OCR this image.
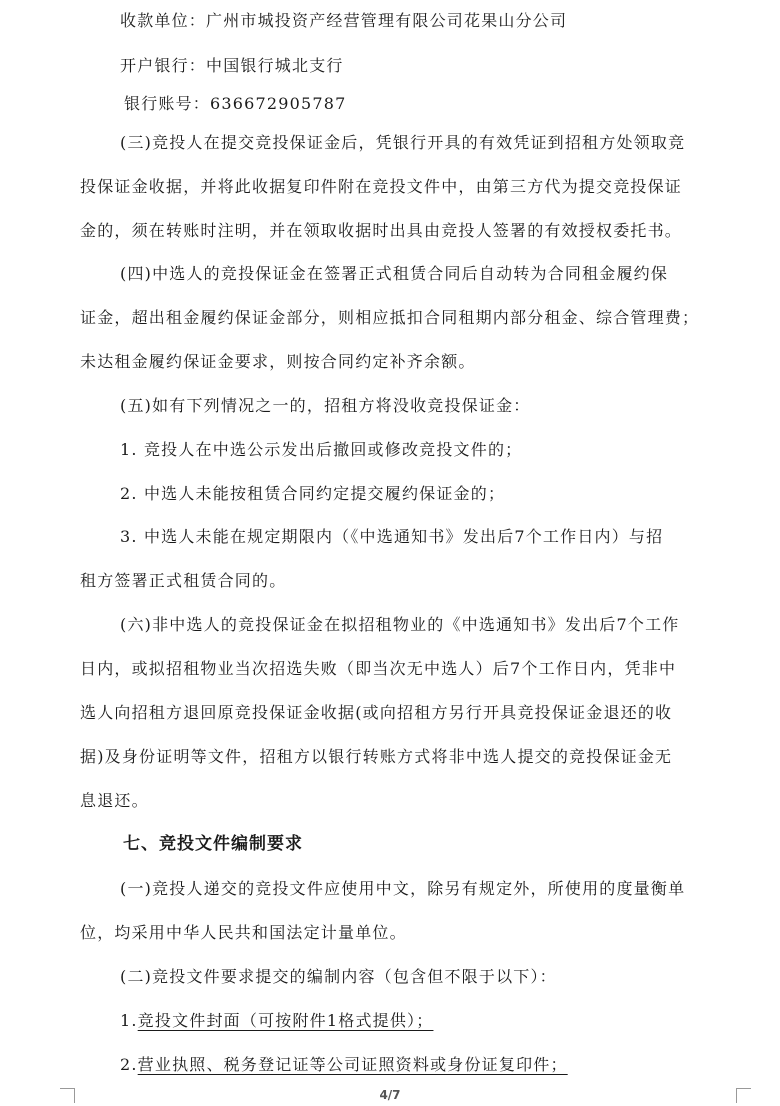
收款单位：广州市城投资产经营管理有限公司花果山分公司
开户银行：中国银行城北支行
银行账号：636672905787
(三)竞投人在提交竞投保证金后，凭银行开具的有效凭证到招租方处领取竞
投保证金收据，并将此收据复印件附在竞投文件中，由第三方代为提交竞投保证
金的，须在转账时注明，并在领取收据时出具由竞投人签署的有效授权委托书。
(四)中选人的竞投保证金在签署正式租赁合同后自动转为合同租金履约保
证金，超出租金履约保证金部分，则相应抵扣合同租期内部分租金、综合管理费；
未达租金履约保证金要求，则按合同约定补齐余额。
(五)如有下列情况之一的，招租方将没收竞投保证金：
1. 竞投人在中选公示发出后撤回或修改竞投文件的；
2. 中选人未能按租赁合同约定提交履约保证金的；
3. 中选人未能在规定期限内（《中选通知书》发出后7个工作日内）与招
租方签署正式租赁合同的。
(六)非中选人的竞投保证金在拟招租物业的《中选通知书》发出后7个工作
日内，或拟招租物业当次招选失败（即当次无中选人）后7个工作日内，凭非中
选人向招租方退回原竞投保证金收据(或向招租方另行开具竞投保证金退还的收
据)及身份证明等文件，招租方以银行转账方式将非中选人提交的竞投保证金无
息退还。
七、竞投文件编制要求
(一)竞投人递交的竞投文件应使用中文，除另有规定外，所使用的度量衡单
位，均采用中华人民共和国法定计量单位。
(二)竞投文件要求提交的编制内容（包含但不限于以下）：
1.竞投文件封面（可按附件1格式提供）；
2.营业执照、税务登记证等公司证照资料或身份证复印件；
4/7
